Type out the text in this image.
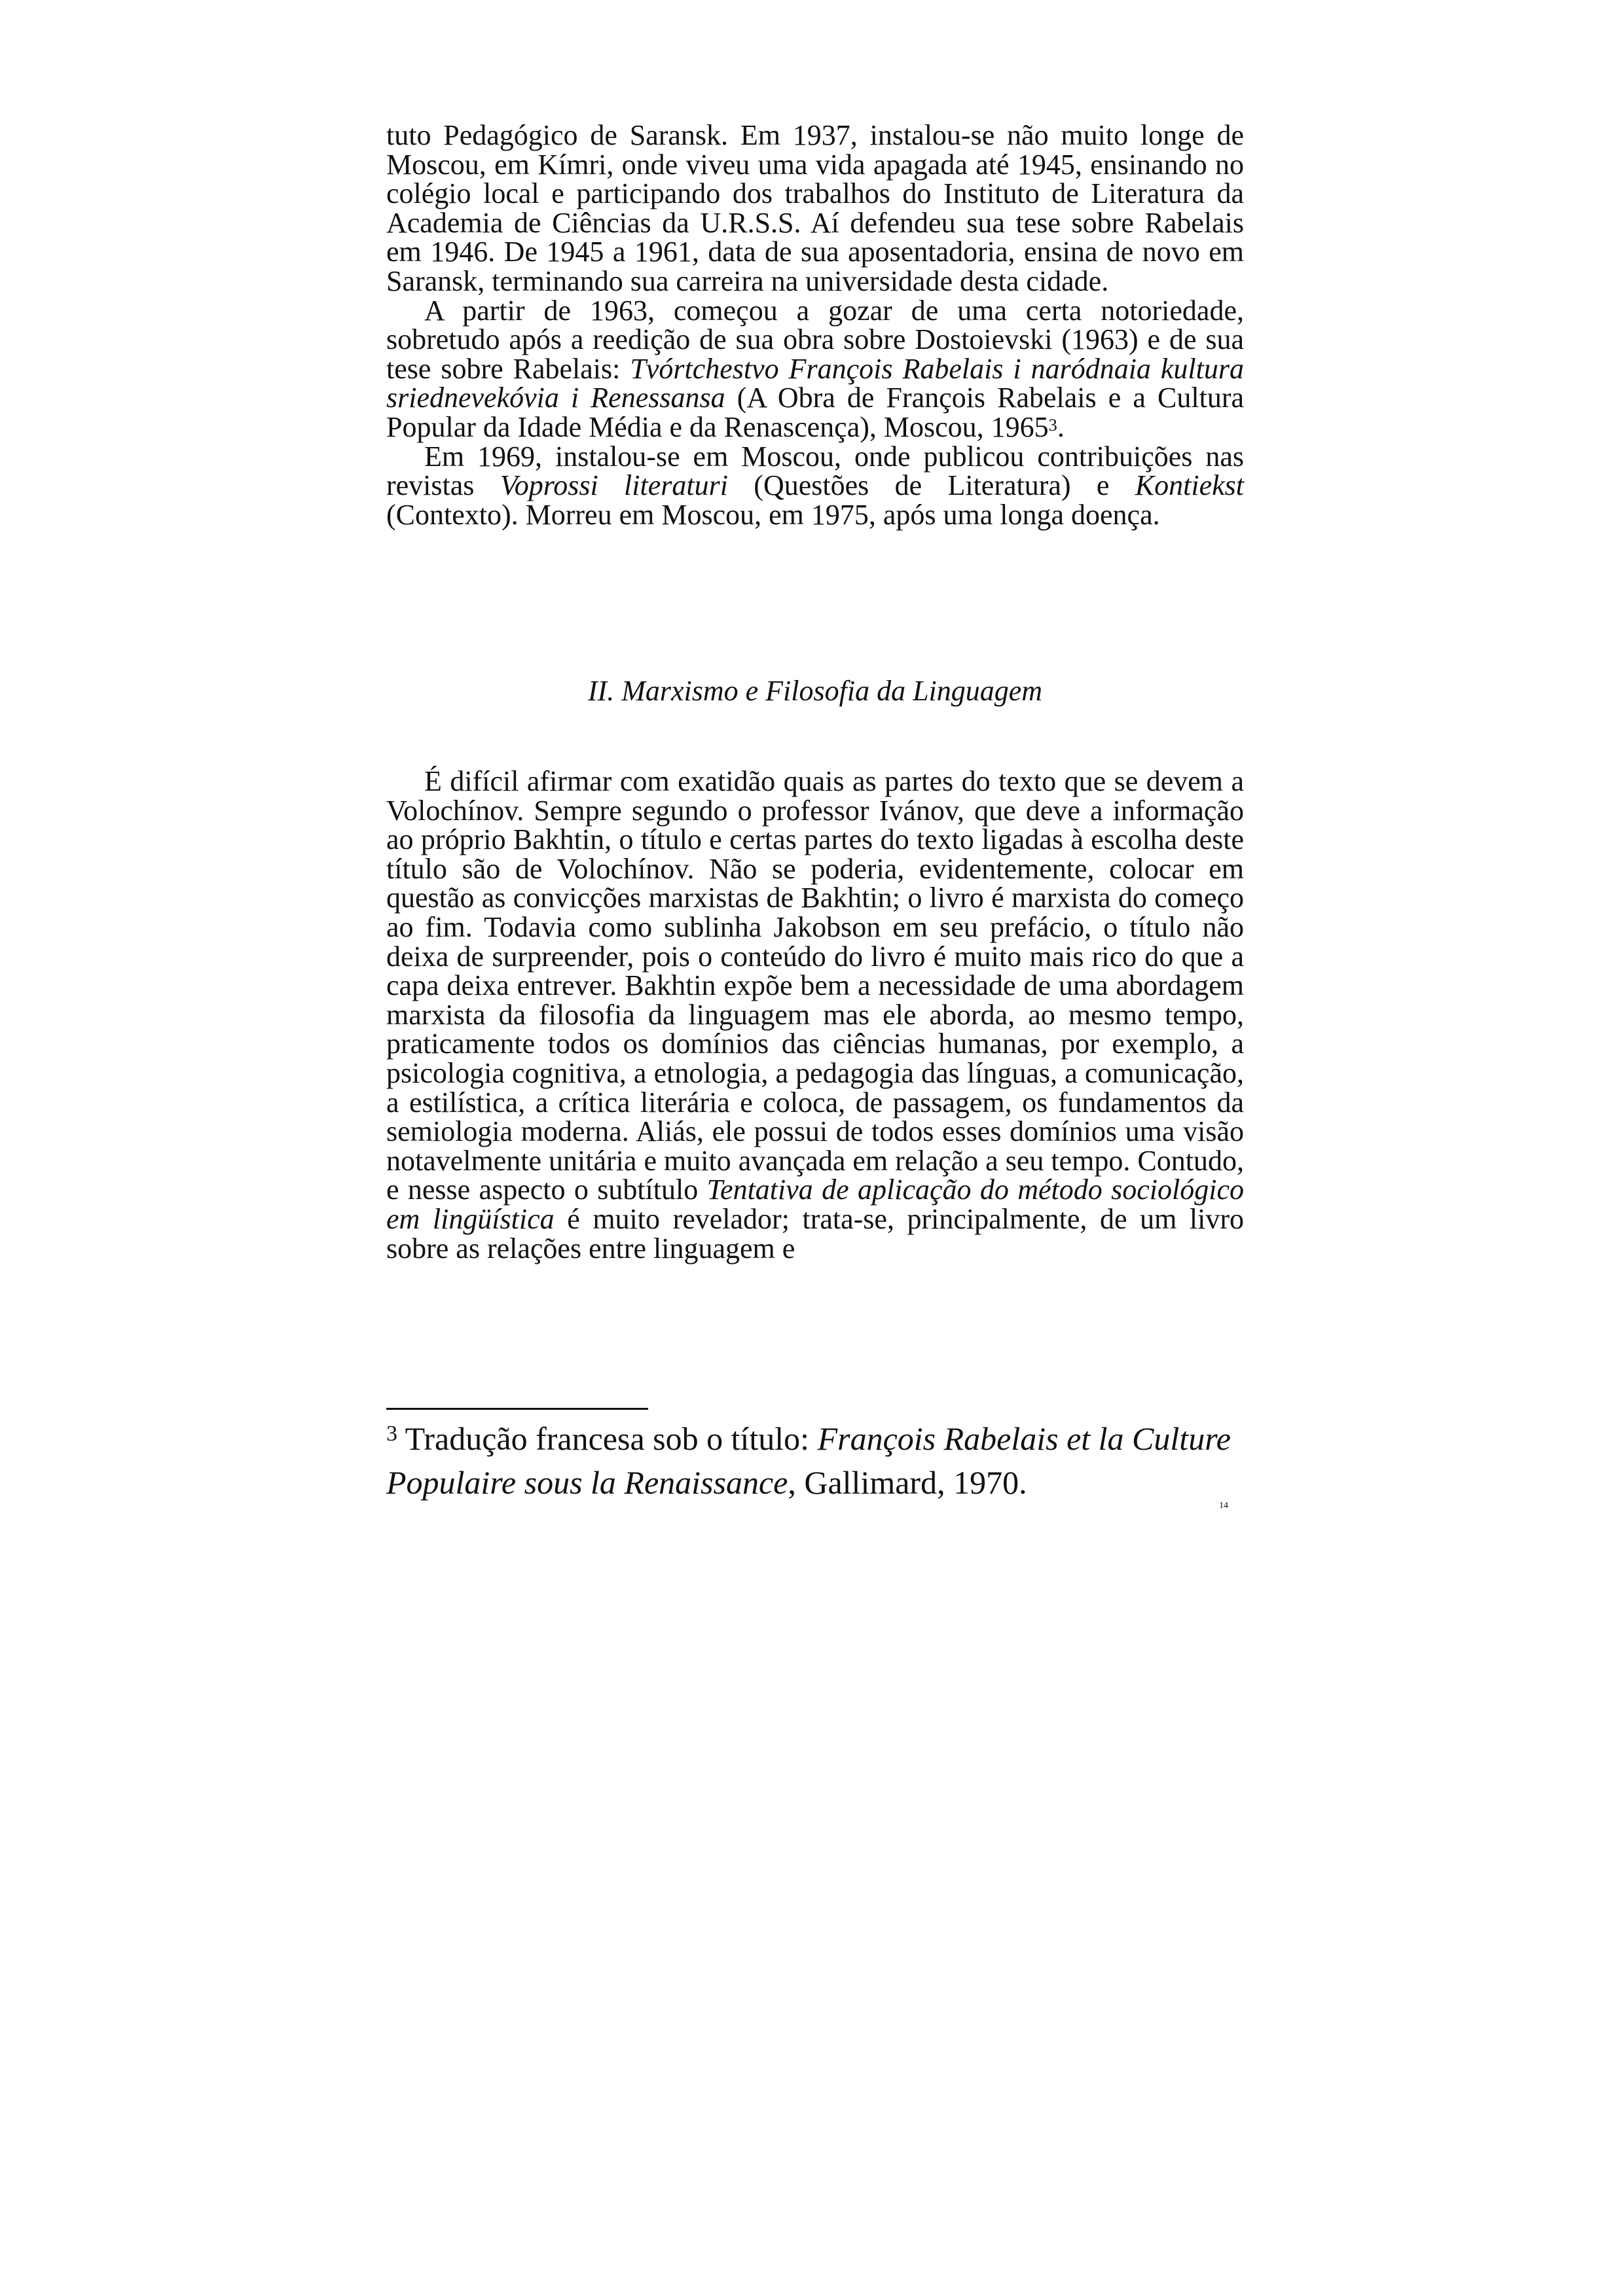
tuto Pedagógico de Saransk. Em 1937, instalou-se não muito longe de Moscou, em Kímri, onde viveu uma vida apagada até 1945, ensinando no colégio local e participando dos trabalhos do Instituto de Literatura da Academia de Ciências da U.R.S.S. Aí defendeu sua tese sobre Rabelais em 1946. De 1945 a 1961, data de sua aposentadoria, ensina de novo em Saransk, terminando sua carreira na universidade desta cidade.

A partir de 1963, começou a gozar de uma certa notoriedade, sobretudo após a reedição de sua obra sobre Dostoievski (1963) e de sua tese sobre Rabelais: Tvórtchestvo François Rabelais i naródnaia kultura sriednevekóvia i Renessansa (A Obra de François Rabelais e a Cultura Popular da Idade Média e da Renascença), Moscou, 1965$^3$.

Em 1969, instalou-se em Moscou, onde publicou contribuições nas revistas Voprossi literaturi (Questões de Literatura) e Kontiekst (Contexto). Morreu em Moscou, em 1975, após uma longa doença.

II. Marxismo e Filosofia da Linguagem

É difícil afirmar com exatidão quais as partes do texto que se devem a Volochínov. Sempre segundo o professor Ivánov, que deve a informação ao próprio Bakhtin, o título e certas partes do texto ligadas à escolha deste título são de Volochínov. Não se poderia, evidentemente, colocar em questão as convicções marxistas de Bakhtin; o livro é marxista do começo ao fim. Todavia como sublinha Jakobson em seu prefácio, o título não deixa de surpreender, pois o conteúdo do livro é muito mais rico do que a capa deixa entrever. Bakhtin expõe bem a necessidade de uma abordagem marxista da filosofia da linguagem mas ele aborda, ao mesmo tempo, praticamente todos os domínios das ciências humanas, por exemplo, a psicologia cognitiva, a etnologia, a pedagogia das línguas, a comunicação, a estilística, a crítica literária e coloca, de passagem, os fundamentos da semiologia moderna. Aliás, ele possui de todos esses domínios uma visão notavelmente unitária e muito avançada em relação a seu tempo. Contudo, e nesse aspecto o subtítulo Tentativa de aplicação do método sociológico em lingüística é muito revelador; trata-se, principalmente, de um livro sobre as relações entre linguagem e

$^3$ Tradução francesa sob o título: François Rabelais et la Culture Populaire sous la Renaissance, Gallimard, 1970.

14
